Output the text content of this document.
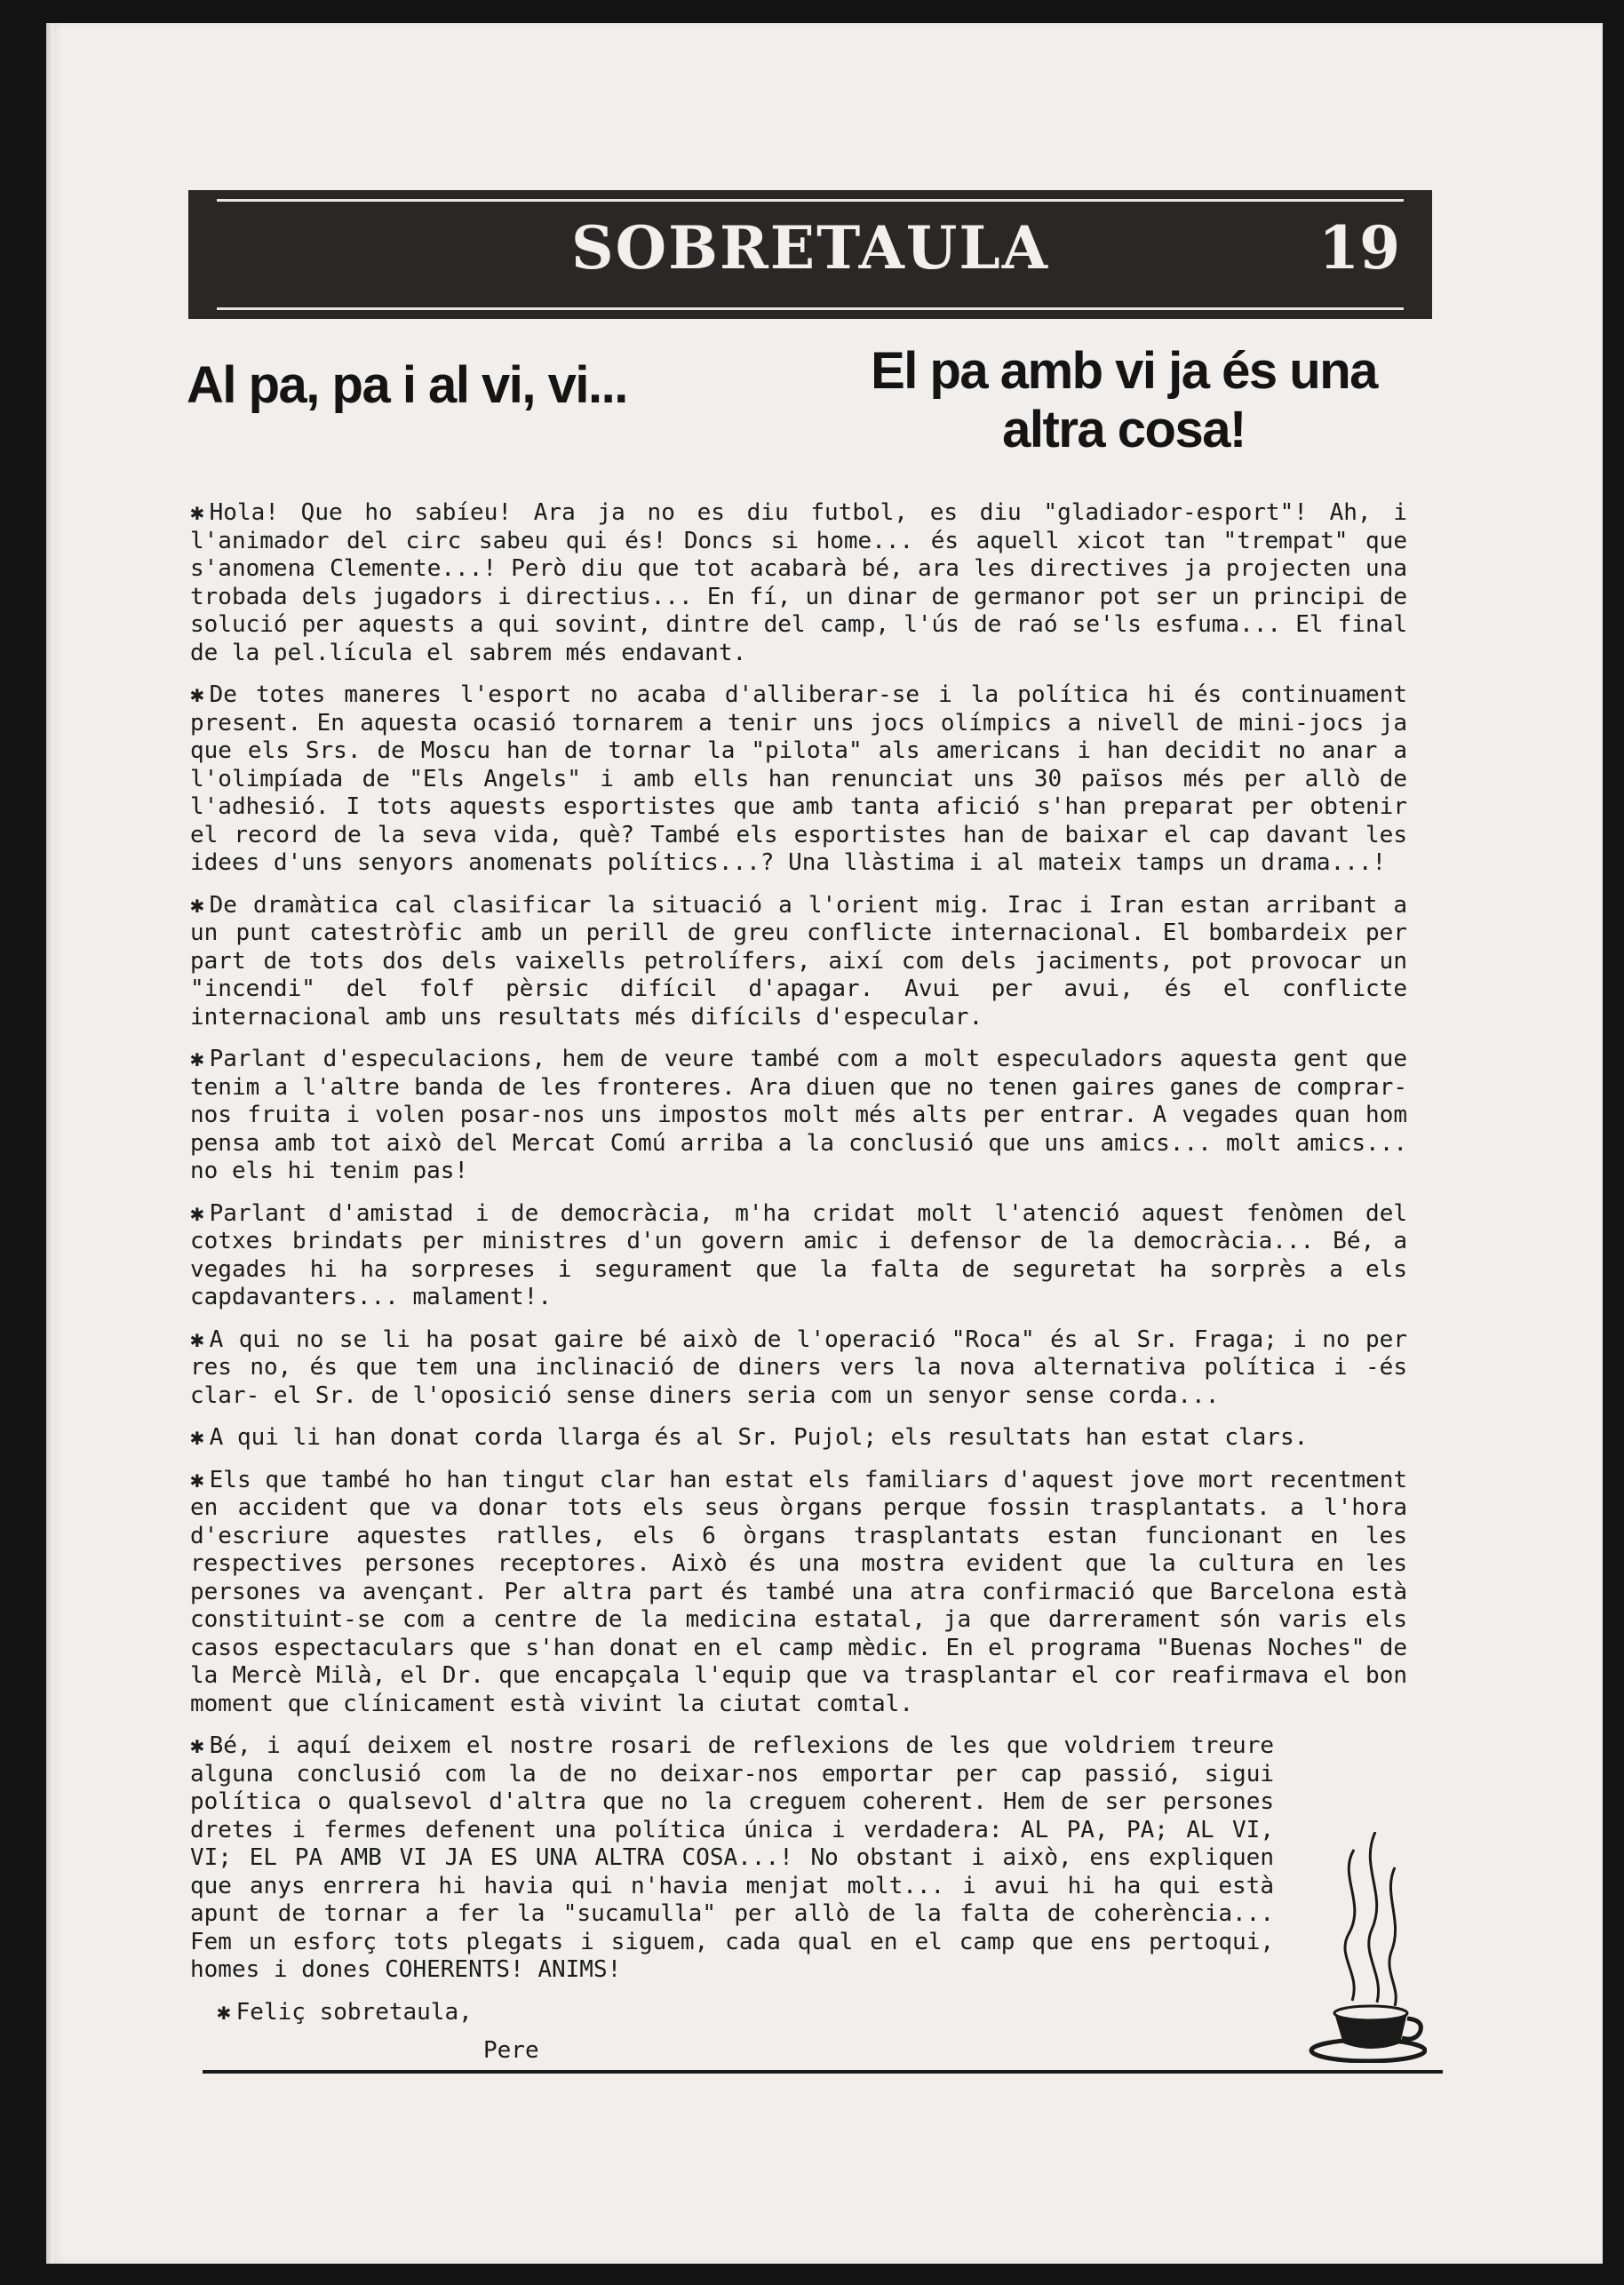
SOBRETAULA	19
Al pa, pa i al vi, vi...	El pa amb vi ja és una
altra cosa!

✱ Hola! Que ho sabíeu! Ara ja no es diu futbol, es diu "gladiador-esport"! Ah, i l'animador del circ sabeu qui és! Doncs si home... és aquell xicot tan "trempat" que s'anomena Clemente...! Però diu que tot acabarà bé, ara les directives ja projecten una trobada dels jugadors i directius... En fí, un dinar de germanor pot ser un principi de solució per aquests a qui sovint, dintre del camp, l'ús de raó se'ls esfuma... El final de la pel.lícula el sabrem més endavant.

✱ De totes maneres l'esport no acaba d'alliberar-se i la política hi és continuament present. En aquesta ocasió tornarem a tenir uns jocs olímpics a nivell de mini-jocs ja que els Srs. de Moscu han de tornar la "pilota" als americans i han decidit no anar a l'olimpíada de "Els Angels" i amb ells han renunciat uns 30 països més per allò de l'adhesió. I tots aquests esportistes que amb tanta afició s'han preparat per obtenir el record de la seva vida, què? També els esportistes han de baixar el cap davant les idees d'uns senyors anomenats polítics...? Una llàstima i al mateix tamps un drama...!

✱ De dramàtica cal clasificar la situació a l'orient mig. Irac i Iran estan arribant a un punt catestròfic amb un perill de greu conflicte internacional. El bombardeix per part de tots dos dels vaixells petrolífers, així com dels jaciments, pot provocar un "incendi" del folf pèrsic difícil d'apagar. Avui per avui, és el conflicte internacional amb uns resultats més difícils d'especular.

✱ Parlant d'especulacions, hem de veure també com a molt especuladors aquesta gent que tenim a l'altre banda de les fronteres. Ara diuen que no tenen gaires ganes de comprar-nos fruita i volen posar-nos uns impostos molt més alts per entrar. A vegades quan hom pensa amb tot això del Mercat Comú arriba a la conclusió que uns amics... molt amics... no els hi tenim pas!

✱ Parlant d'amistad i de democràcia, m'ha cridat molt l'atenció aquest fenòmen del cotxes brindats per ministres d'un govern amic i defensor de la democràcia... Bé, a vegades hi ha sorpreses i segurament que la falta de seguretat ha sorprès a els capdavanters... malament!.

✱ A qui no se li ha posat gaire bé això de l'operació "Roca" és al Sr. Fraga; i no per res no, és que tem una inclinació de diners vers la nova alternativa política i -és clar- el Sr. de l'oposició sense diners seria com un senyor sense corda...

✱ A qui li han donat corda llarga és al Sr. Pujol; els resultats han estat clars.

✱ Els que també ho han tingut clar han estat els familiars d'aquest jove mort recentment en accident que va donar tots els seus òrgans perque fossin trasplantats. a l'hora d'escriure aquestes ratlles, els 6 òrgans trasplantats estan funcionant en les respectives persones receptores. Això és una mostra evident que la cultura en les persones va avençant. Per altra part és també una atra confirmació que Barcelona està constituint-se com a centre de la medicina estatal, ja que darrerament són varis els casos espectaculars que s'han donat en el camp mèdic. En el programa "Buenas Noches" de la Mercè Milà, el Dr. que encapçala l'equip que va trasplantar el cor reafirmava el bon moment que clínicament està vivint la ciutat comtal.

✱ Bé, i aquí deixem el nostre rosari de reflexions de les que voldriem treure alguna conclusió com la de no deixar-nos emportar per cap passió, sigui política o qualsevol d'altra que no la creguem coherent. Hem de ser persones dretes i fermes defenent una política única i verdadera: AL PA, PA; AL VI, VI; EL PA AMB VI JA ES UNA ALTRA COSA...! No obstant i això, ens expliquen que anys enrrera hi havia qui n'havia menjat molt... i avui hi ha qui està apunt de tornar a fer la "sucamulla" per allò de la falta de coherència... Fem un esforç tots plegats i siguem, cada qual en el camp que ens pertoqui, homes i dones COHERENTS! ANIMS!

✱ Feliç sobretaula,
Pere
